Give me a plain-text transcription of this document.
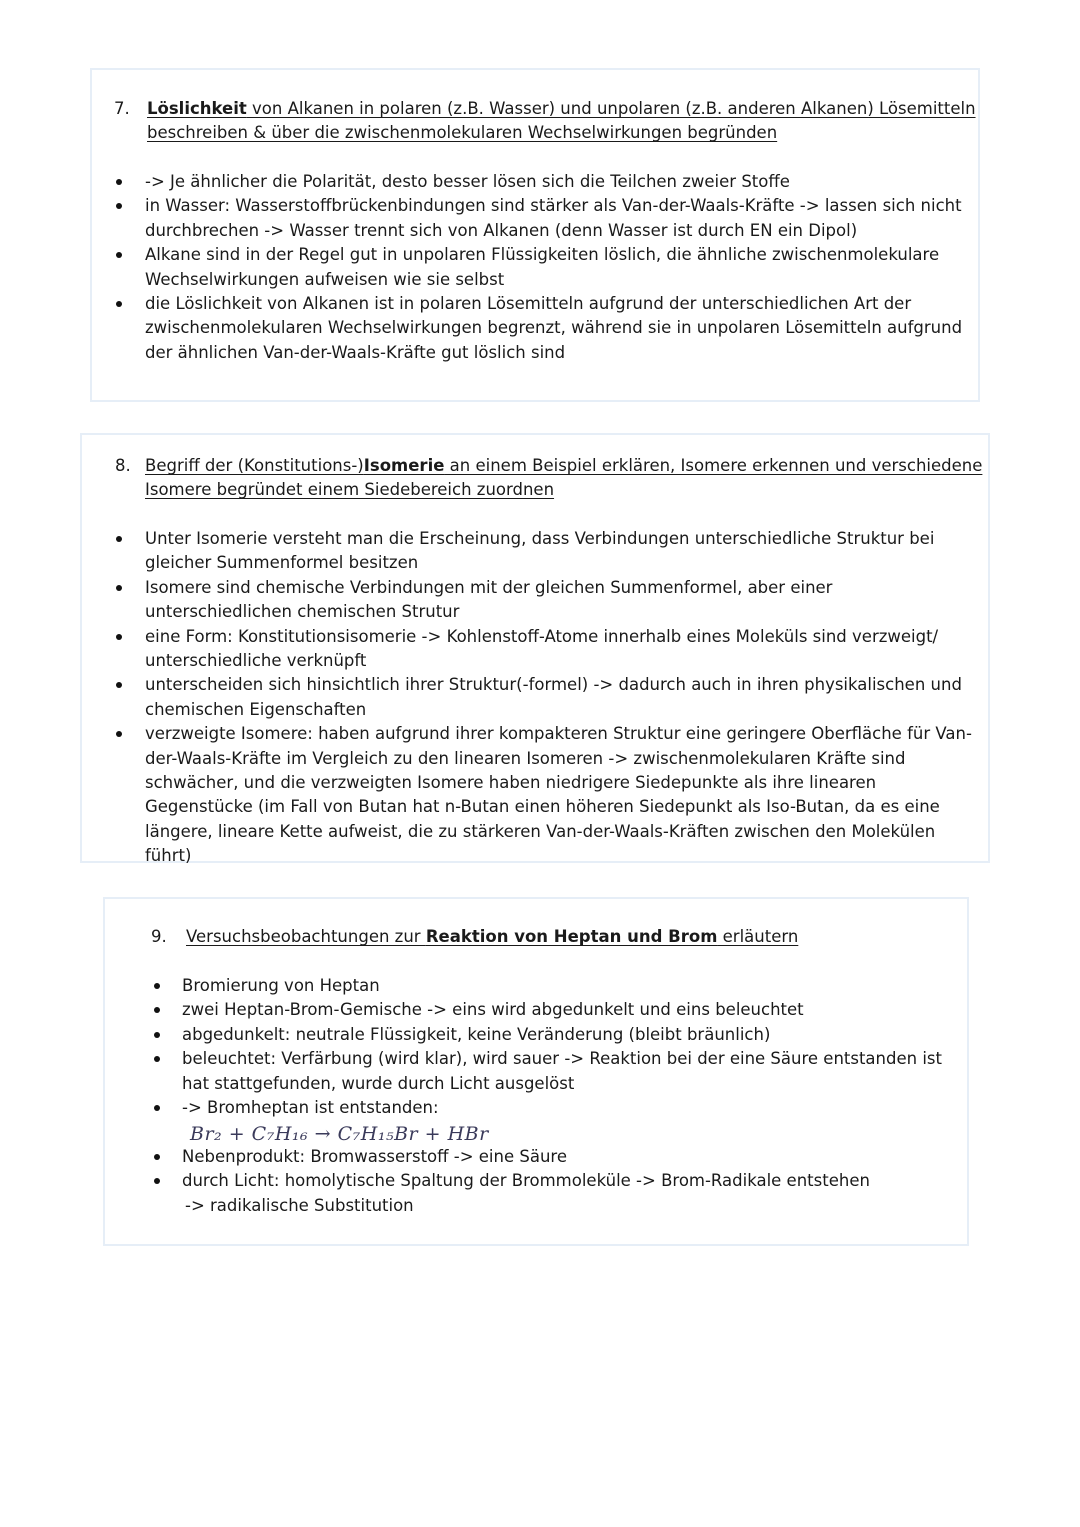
7. Löslichkeit von Alkanen in polaren (z.B. Wasser) und unpolaren (z.B. anderen Alkanen) Lösemitteln beschreiben & über die zwischenmolekularen Wechselwirkungen begründen
-> Je ähnlicher die Polarität, desto besser lösen sich die Teilchen zweier Stoffe
in Wasser: Wasserstoffbrückenbindungen sind stärker als Van-der-Waals-Kräfte -> lassen sich nicht durchbrechen -> Wasser trennt sich von Alkanen (denn Wasser ist durch EN ein Dipol)
Alkane sind in der Regel gut in unpolaren Flüssigkeiten löslich, die ähnliche zwischenmolekulare Wechselwirkungen aufweisen wie sie selbst
die Löslichkeit von Alkanen ist in polaren Lösemitteln aufgrund der unterschiedlichen Art der zwischenmolekularen Wechselwirkungen begrenzt, während sie in unpolaren Lösemitteln aufgrund der ähnlichen Van-der-Waals-Kräfte gut löslich sind
8. Begriff der (Konstitutions-)Isomerie an einem Beispiel erklären, Isomere erkennen und verschiedene Isomere begründet einem Siedebereich zuordnen
Unter Isomerie versteht man die Erscheinung, dass Verbindungen unterschiedliche Struktur bei gleicher Summenformel besitzen
Isomere sind chemische Verbindungen mit der gleichen Summenformel, aber einer unterschiedlichen chemischen Strutur
eine Form: Konstitutionsisomerie -> Kohlenstoff-Atome innerhalb eines Moleküls sind verzweigt/ unterschiedliche verknüpft
unterscheiden sich hinsichtlich ihrer Struktur(-formel) -> dadurch auch in ihren physikalischen und chemischen Eigenschaften
verzweigte Isomere: haben aufgrund ihrer kompakteren Struktur eine geringere Oberfläche für Van-der-Waals-Kräfte im Vergleich zu den linearen Isomeren -> zwischenmolekularen Kräfte sind schwächer, und die verzweigten Isomere haben niedrigere Siedepunkte als ihre linearen Gegenstücke (im Fall von Butan hat n-Butan einen höheren Siedepunkt als Iso-Butan, da es eine längere, lineare Kette aufweist, die zu stärkeren Van-der-Waals-Kräften zwischen den Molekülen führt)
9. Versuchsbeobachtungen zur Reaktion von Heptan und Brom erläutern
Bromierung von Heptan
zwei Heptan-Brom-Gemische -> eins wird abgedunkelt und eins beleuchtet
abgedunkelt: neutrale Flüssigkeit, keine Veränderung (bleibt bräunlich)
beleuchtet: Verfärbung (wird klar), wird sauer -> Reaktion bei der eine Säure entstanden ist hat stattgefunden, wurde durch Licht ausgelöst
-> Bromheptan ist entstanden:
Br₂ + C₇H₁₆ → C₇H₁₅Br + HBr
Nebenprodukt: Bromwasserstoff -> eine Säure
durch Licht: homolytische Spaltung der Brommoleküle -> Brom-Radikale entstehen
-> radikalische Substitution
